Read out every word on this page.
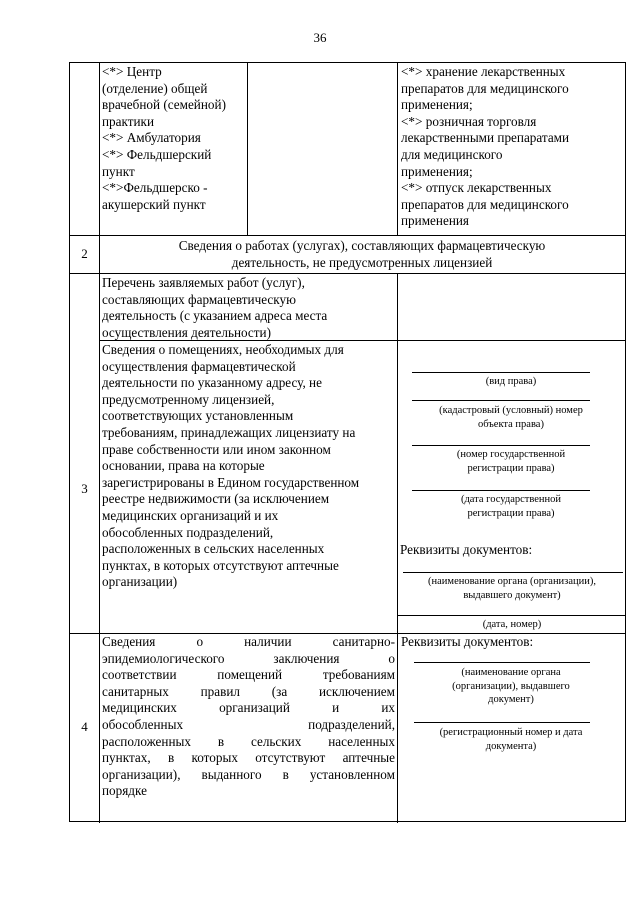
36
<*> Центр
(отделение) общей
врачебной (семейной)
практики
<*> Амбулатория
<*> Фельдшерский
пункт
<*>Фельдшерско -
акушерский пункт
<*> хранение лекарственных
препаратов для медицинского
применения;
<*> розничная торговля
лекарственными препаратами
для медицинского
применения;
<*> отпуск лекарственных
препаратов для медицинского
применения
2
Сведения о работах (услугах), составляющих фармацевтическую
деятельность, не предусмотренных лицензией
Перечень заявляемых работ (услуг),
составляющих фармацевтическую
деятельность (с указанием адреса места
осуществления деятельности)
3
Сведения о помещениях, необходимых для
осуществления фармацевтической
деятельности по указанному адресу, не
предусмотренному лицензией,
соответствующих установленным
требованиям, принадлежащих лицензиату на
праве собственности или ином законном
основании, права на которые
зарегистрированы в Едином государственном
реестре недвижимости (за исключением
медицинских организаций и их
обособленных подразделений,
расположенных в сельских населенных
пунктах, в которых отсутствуют аптечные
организации)
(вид права)
(кадастровый (условный) номер
объекта права)
(номер государственной
регистрации права)
(дата государственной
регистрации права)
Реквизиты документов:
(наименование органа (организации),
выдавшего документ)
(дата, номер)
4
Сведения о наличии санитарно-
эпидемиологического заключения о
соответствии помещений требованиям
санитарных правил (за исключением
медицинских организаций и их
обособленных подразделений,
расположенных в сельских населенных
пунктах, в которых отсутствуют аптечные
организации), выданного в установленном
порядке
Реквизиты документов:
(наименование органа
(организации), выдавшего
документ)
(регистрационный номер и дата
документа)
